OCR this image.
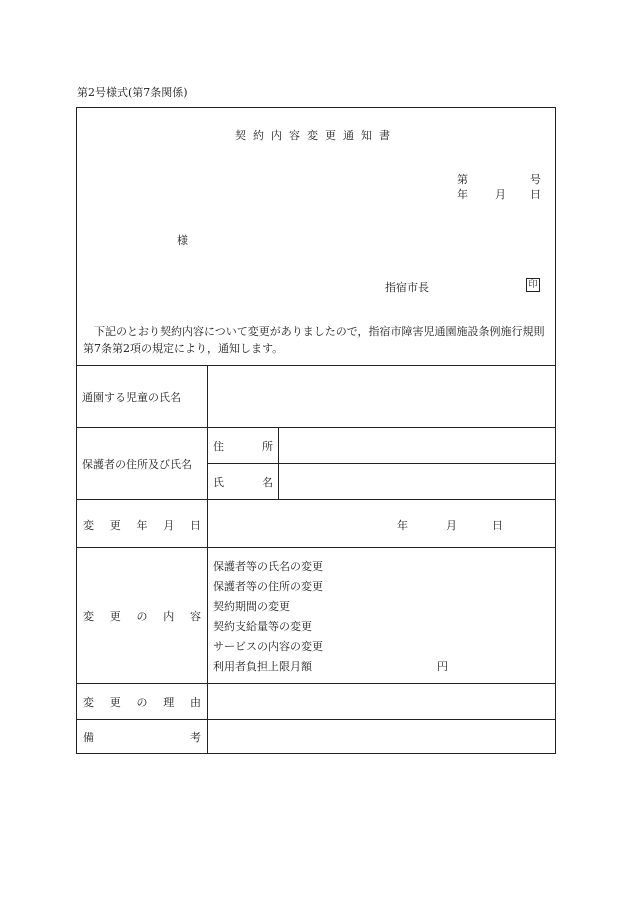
第2号様式(第7条関係)
契約内容変更通知書
第	号
年 月 日
様
指宿市長	印
　下記のとおり契約内容について変更がありましたので，指宿市障害児通園施設条例施行規則第7条第2項の規定により，通知します。
通園する児童の氏名
保護者の住所及び氏名
住	所
氏	名
変 更 年 月 日	年	月	日
変 更 の 内 容
保護者等の氏名の変更
保護者等の住所の変更
契約期間の変更
契約支給量等の変更
サービスの内容の変更
利用者負担上限月額	円
変 更 の 理 由
備	考
